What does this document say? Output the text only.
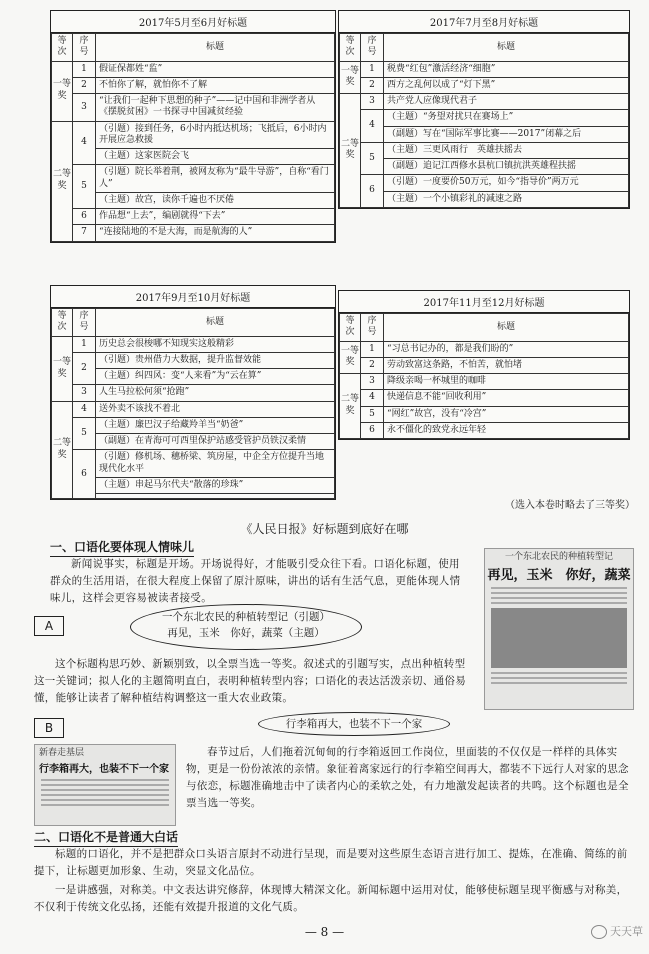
2017年5月至6月好标题
等次	序号	标题
一等奖	1	假证保都姓“监”
	2	不怕你了解，就怕你不了解
	3	“让我们一起种下思想的种子”——记中国和非洲学者从《摆脱贫困》一书探寻中国减贫经验
二等奖	4	（引题）接到任务，6小时内抵达机场；飞抵后，6小时内开展应急救援
		（主题）这家医院会飞
	5	（引题）院长举着荆，被网友称为“最牛导游”，自称“看门人”
		（主题）故宫，读你千遍也不厌倦
	6	作品想“上去”，编剧就得“下去”
	7	“连接陆地的不是大海，而是航海的人”
2017年7月至8月好标题
等次	序号	标题
一等奖	1	税费“红包”激活经济“细胞”
	2	西方之乱何以成了“灯下黑”
二等奖	3	共产党人应像现代君子
	4	（主题）“务望对扰只在赛场上”
		（副题）写在“国际军事比赛——2017”闭幕之后
	5	（主题）三更风雨行　英雄扶摇去
		（副题）追记江西修水县杭口镇抗洪英雄程扶摇
	6	（引题）一度要价50万元，如今“指导价”两万元
		（主题）一个小镇彩礼的减速之路
2017年9月至10月好标题
等次	序号	标题
一等奖	1	历史总会很梭哪不知现实这般精彩
	2	（引题）贵州借力大数据，提升监督效能
		（主题）纠四风：变“人来看”为“云在算”
	3	人生马拉松何须“抢跑”
二等奖	4	送外卖不该找不着北
	5	（主题）廉巴汉子给藏羚羊当“奶爸”
		（副题）在青海可可西里保护站感受管护员铁汉柔情
	6	（引题）修机场、穗桥梁、筑房屋，中企全方位提升当地现代化水平
		（主题）串起马尔代夫“散落的珍珠”

2017年11月至12月好标题
等次	序号	标题
一等奖	1	“习总书记办的，都是我们盼的”
	2	劳动致富这条路，不怕苦，就怕堵
二等奖	3	降级亲喝一杯城里的咖啡
	4	快递信息不能“回收利用”
	5	“网红”故宫，没有“冷宫”
	6	永不僵化的致党永远年轻
（选入本卷时略去了三等奖）
《人民日报》好标题到底好在哪
一、口语化要体现人情味儿
新闻说事实，标题是开场。开场说得好，才能吸引受众往下看。口语化标题，使用群众的生活用语，在很大程度上保留了原汁原味，讲出的话有生活气息，更能体现人情味儿，这样会更容易被读者接受。
一个东北农民的种植转型记
再见，玉米　你好，蔬菜
A
一个东北农民的种植转型记（引题）
再见，玉米　你好，蔬菜（主题）
这个标题构思巧妙、新颖别致，以全票当选一等奖。叙述式的引题写实，点出种植转型这一关键词；拟人化的主题简明直白，表明种植转型内容；口语化的表达活泼亲切、通俗易懂，能够让读者了解种植结构调整这一重大农业政策。
B	行李箱再大，也装不下一个家
新春走基层
行李箱再大，也装不下一个家
春节过后，人们拖着沉甸甸的行李箱返回工作岗位，里面装的不仅仅是一样样的具体实物，更是一份份浓浓的亲情。象征着离家远行的行李箱空间再大，都装不下远行人对家的思念与依恋，标题准确地击中了读者内心的柔软之处，有力地激发起读者的共鸣。这个标题也是全票当选一等奖。
二、口语化不是普通大白话
标题的口语化，并不是把群众口头语言原封不动进行呈现，而是要对这些原生态语言进行加工、提炼，在准确、简练的前提下，让标题更加形象、生动，突显文化品位。
一是讲感强，对称美。中文表达讲究修辞，体现博大精深文化。新闻标题中运用对仗，能够使标题呈现平衡感与对称美，不仅利于传统文化弘扬，还能有效提升报道的文化气质。
— 8 —	天天草
